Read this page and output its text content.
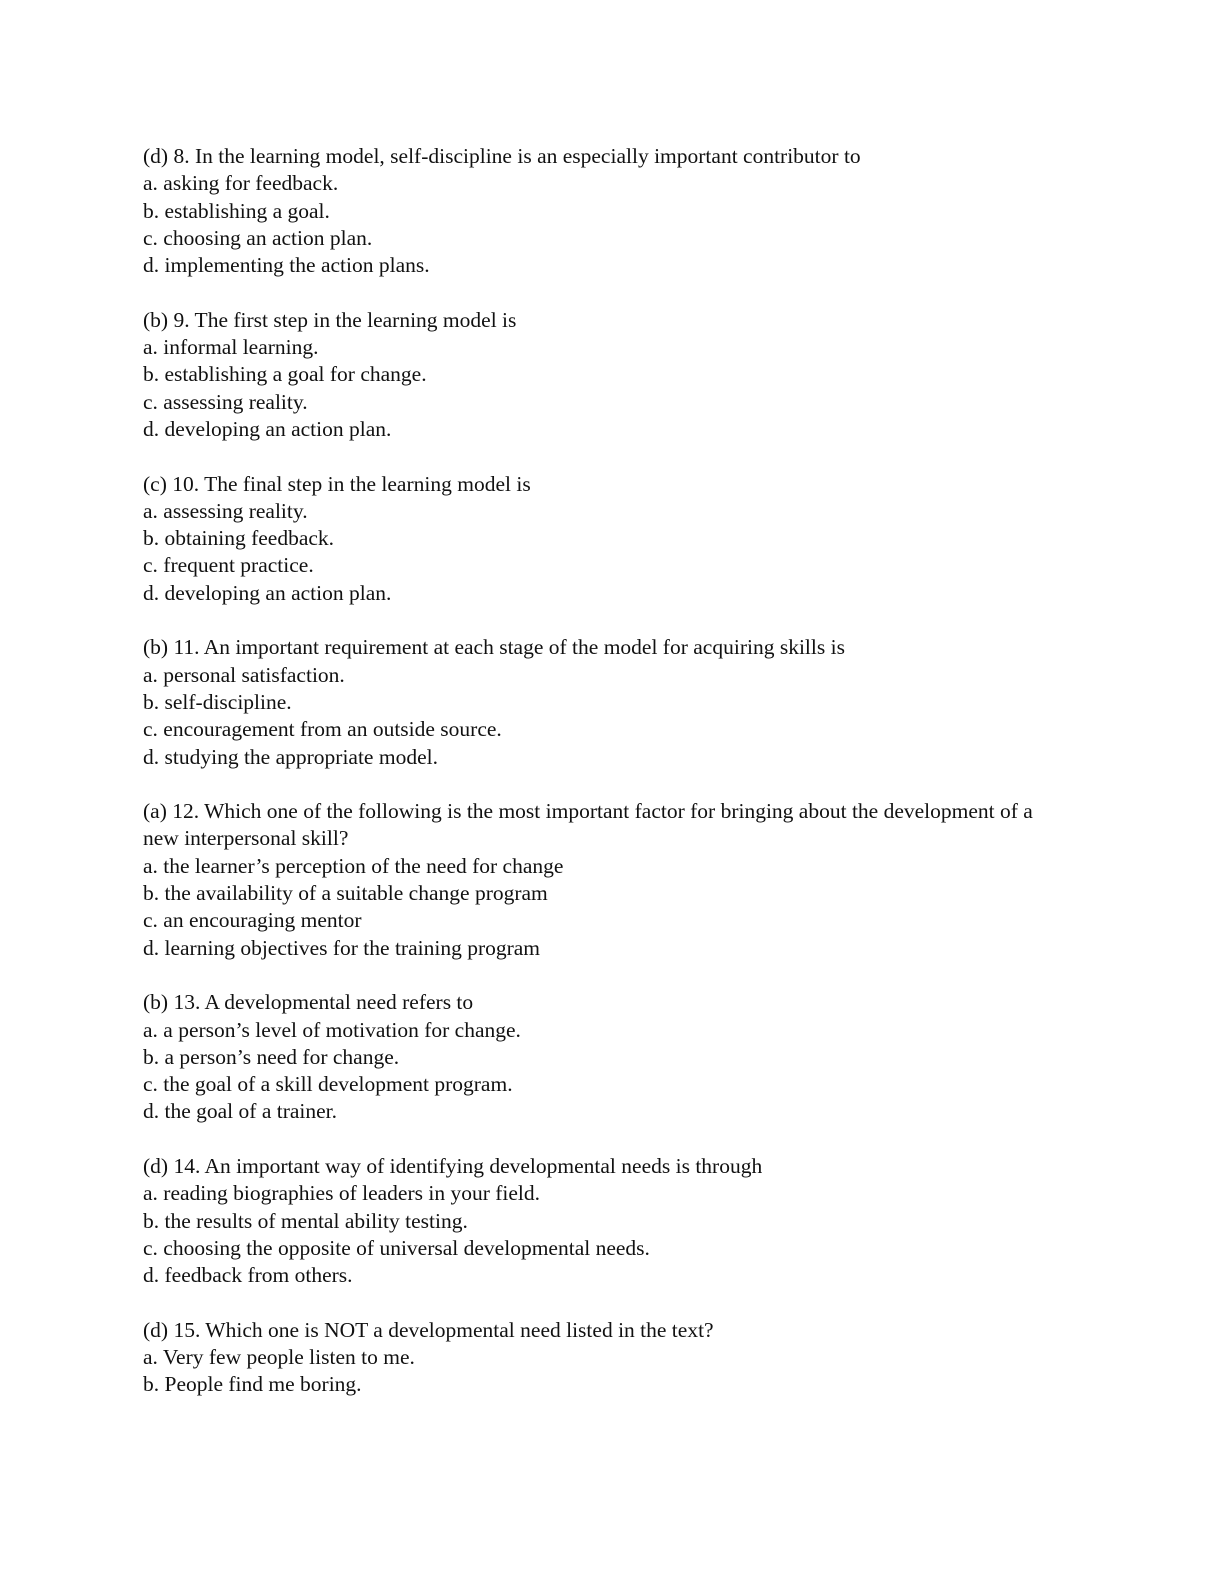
(d) 8. In the learning model, self-discipline is an especially important contributor to
a. asking for feedback.
b. establishing a goal.
c. choosing an action plan.
d. implementing the action plans.
(b) 9. The first step in the learning model is
a. informal learning.
b. establishing a goal for change.
c. assessing reality.
d. developing an action plan.
(c) 10. The final step in the learning model is
a. assessing reality.
b. obtaining feedback.
c. frequent practice.
d. developing an action plan.
(b) 11. An important requirement at each stage of the model for acquiring skills is
a. personal satisfaction.
b. self-discipline.
c. encouragement from an outside source.
d. studying the appropriate model.
(a) 12. Which one of the following is the most important factor for bringing about the development of a new interpersonal skill?
a. the learner’s perception of the need for change
b. the availability of a suitable change program
c. an encouraging mentor
d. learning objectives for the training program
(b) 13. A developmental need refers to
a. a person’s level of motivation for change.
b. a person’s need for change.
c. the goal of a skill development program.
d. the goal of a trainer.
(d) 14. An important way of identifying developmental needs is through
a. reading biographies of leaders in your field.
b. the results of mental ability testing.
c. choosing the opposite of universal developmental needs.
d. feedback from others.
(d) 15. Which one is NOT a developmental need listed in the text?
a. Very few people listen to me.
b. People find me boring.
